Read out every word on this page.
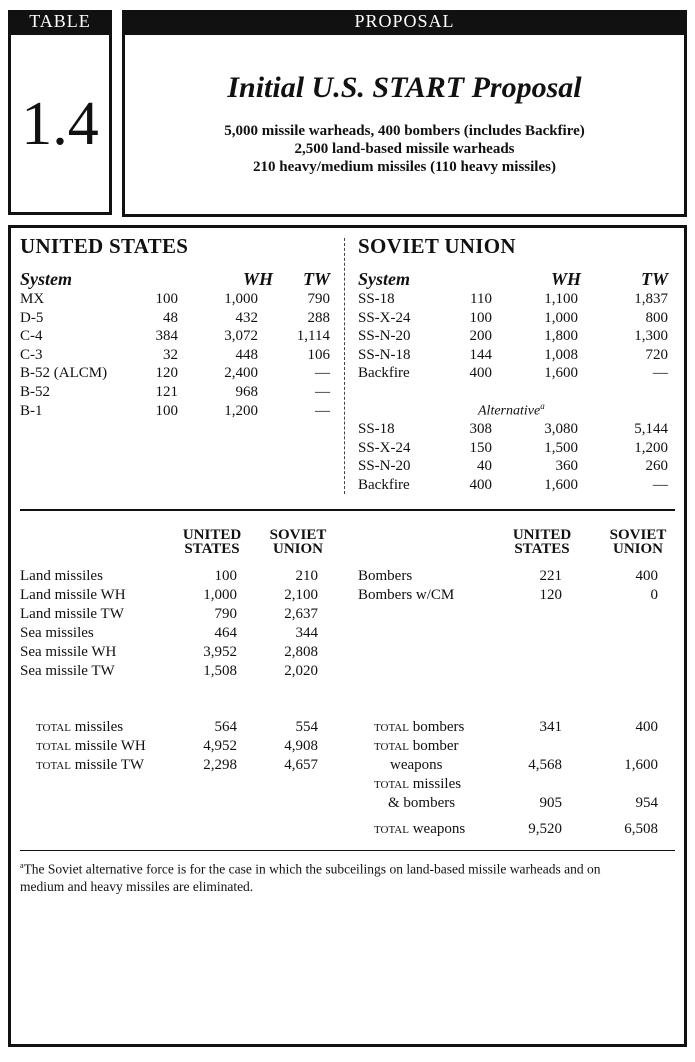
TABLE
1.4
PROPOSAL
Initial U.S. START Proposal
5,000 missile warheads, 400 bombers (includes Backfire)
2,500 land-based missile warheads
210 heavy/medium missiles (110 heavy missiles)
UNITED STATES
System	WH TW
MX	100	1,000	790
D-5	48	432	288
C-4	384	3,072	1,114
C-3	32	448	106
B-52 (ALCM)	120	2,400	—
B-52	121	968	—
B-1	100	1,200	—
SOVIET UNION
System	WH	TW
SS-18	110	1,100	1,837
SS-X-24	100	1,000	800
SS-N-20	200	1,800	1,300
SS-N-18	144	1,008	720
Backfire	400	1,600	—
Alternative$^a$
SS-18	308	3,080	5,144
SS-X-24	150	1,500	1,200
SS-N-20	40	360	260
Backfire	400	1,600	—
UNITED
STATES
SOVIET
UNION
UNITED
STATES
SOVIET
UNION
Land missiles	100	210
Land missile WH	1,000	2,100
Land missile TW	790	2,637
Sea missiles	464	344
Sea missile WH	3,952	2,808
Sea missile TW	1,508	2,020
Bombers	221	400
Bombers w/CM	120	0
total missiles	564	554
total missile WH	4,952	4,908
total missile TW	2,298	4,657
total bombers	341	400
total bomber
weapons	4,568	1,600
total missiles
& bombers	905	954
total weapons	9,520	6,508
$^a$The Soviet alternative force is for the case in which the subceilings on land-based missile warheads and on
medium and heavy missiles are eliminated.
